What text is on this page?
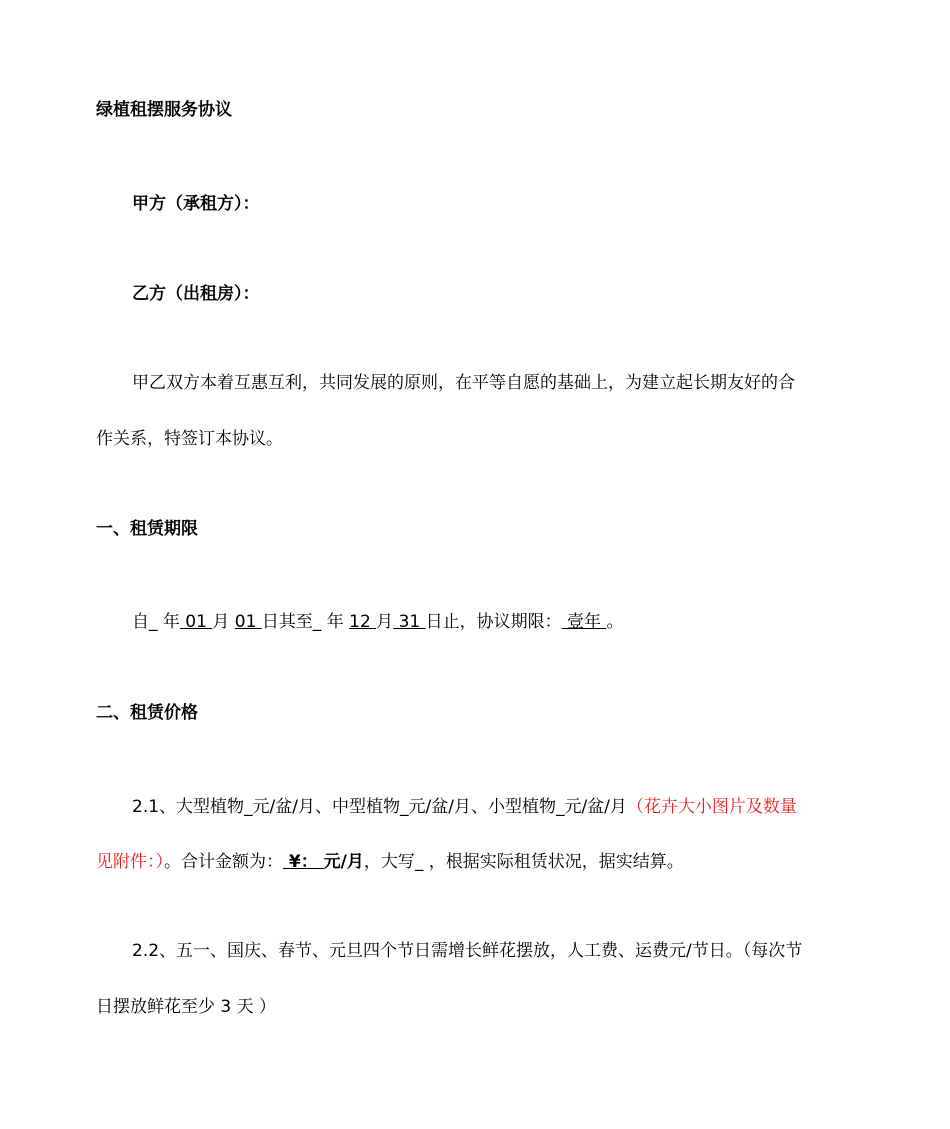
绿植租摆服务协议
甲方（承租方）：
乙方（出租房）：
甲乙双方本着互惠互利，共同发展的原则，在平等自愿的基础上，为建立起长期友好的合
作关系，特签订本协议。
一、租赁期限
自_ 年 01 月 01 日其至_ 年 12 月 31 日止，协议期限： 壹年 。
二、租赁价格
2.1、大型植物_元/盆/月、中型植物_元/盆/月、小型植物_元/盆/月（花卉大小图片及数量
见附件：）。合计金额为： ¥： 元/月，大写_ ，根据实际租赁状况，据实结算。
2.2、五一、国庆、春节、元旦四个节日需增长鲜花摆放，人工费、运费元/节日。（每次节
日摆放鲜花至少 3 天 ）
